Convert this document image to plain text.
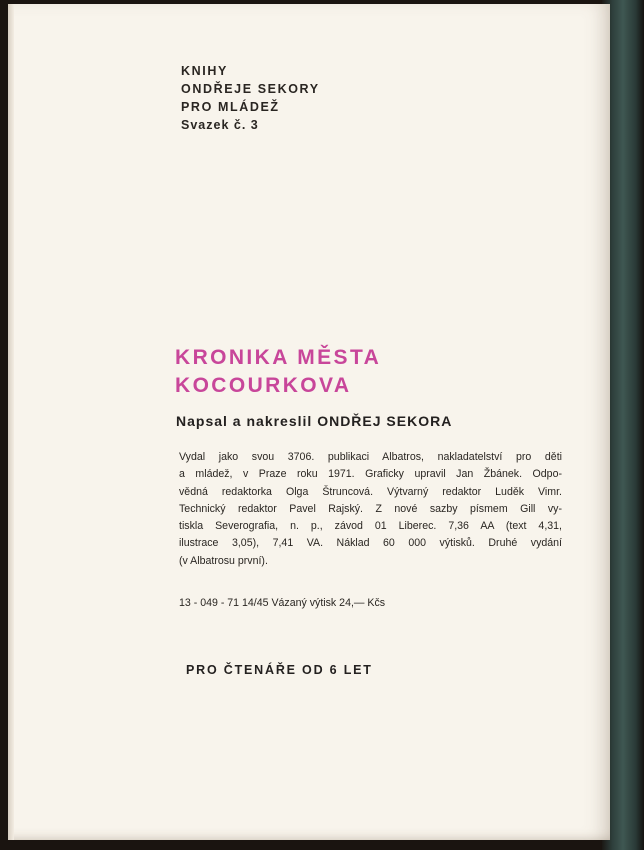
KNIHY
ONDŘEJE SEKORY
PRO MLÁDEŽ
Svazek č. 3
KRONIKA MĚSTA
KOCOURKOVA
Napsal a nakreslil ONDŘEJ SEKORA
Vydal jako svou 3706. publikaci Albatros, nakladatelství pro děti
a mládež, v Praze roku 1971. Graficky upravil Jan Žbánek. Odpo-
vědná redaktorka Olga Štruncová. Výtvarný redaktor Luděk Vimr.
Technický redaktor Pavel Rajský. Z nové sazby písmem Gill vy-
tiskla Severografia, n. p., závod 01 Liberec. 7,36 AA (text 4,31,
ilustrace 3,05), 7,41 VA. Náklad 60 000 výtisků. Druhé vydání
(v Albatrosu první).
13 - 049 - 71 14/45 Vázaný výtisk 24,— Kčs
PRO ČTENÁŘE OD 6 LET
